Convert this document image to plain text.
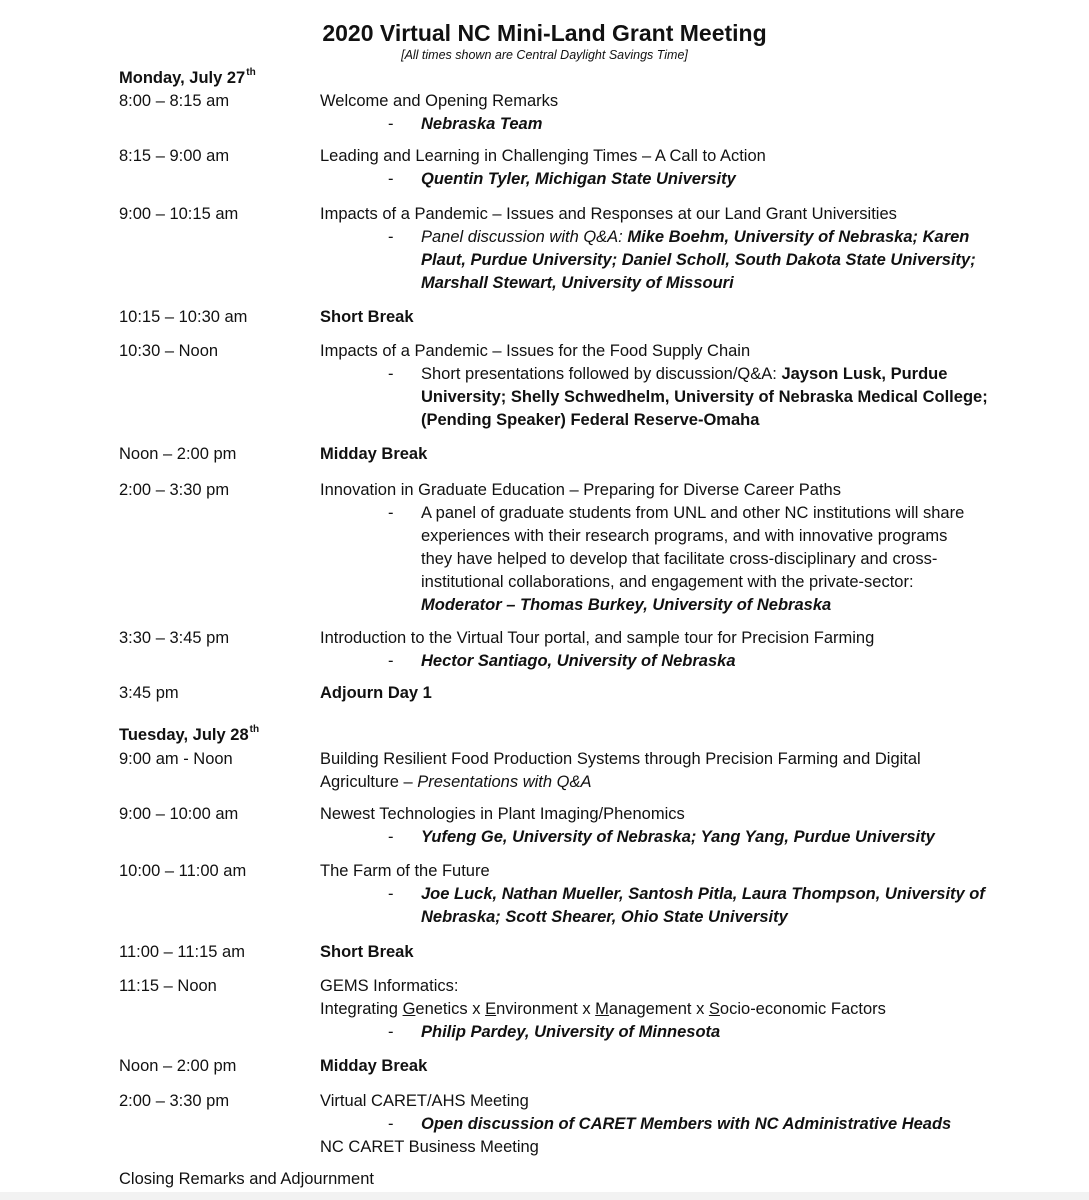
2020 Virtual NC Mini-Land Grant Meeting
[All times shown are Central Daylight Savings Time]
Monday, July 27th
8:00 – 8:15 am	Welcome and Opening Remarks
- Nebraska Team
8:15 – 9:00 am	Leading and Learning in Challenging Times – A Call to Action
- Quentin Tyler, Michigan State University
9:00 – 10:15 am	Impacts of a Pandemic – Issues and Responses at our Land Grant Universities
- Panel discussion with Q&A: Mike Boehm, University of Nebraska; Karen
Plaut, Purdue University; Daniel Scholl, South Dakota State University;
Marshall Stewart, University of Missouri
10:15 – 10:30 am	Short Break
10:30 – Noon	Impacts of a Pandemic – Issues for the Food Supply Chain
- Short presentations followed by discussion/Q&A: Jayson Lusk, Purdue
University; Shelly Schwedhelm, University of Nebraska Medical College;
(Pending Speaker) Federal Reserve-Omaha
Noon – 2:00 pm	Midday Break
2:00 – 3:30 pm	Innovation in Graduate Education – Preparing for Diverse Career Paths
- A panel of graduate students from UNL and other NC institutions will share
experiences with their research programs, and with innovative programs
they have helped to develop that facilitate cross-disciplinary and cross-
institutional collaborations, and engagement with the private-sector:
Moderator – Thomas Burkey, University of Nebraska
3:30 – 3:45 pm	Introduction to the Virtual Tour portal, and sample tour for Precision Farming
- Hector Santiago, University of Nebraska
3:45 pm	Adjourn Day 1
Tuesday, July 28th
9:00 am - Noon	Building Resilient Food Production Systems through Precision Farming and Digital
Agriculture – Presentations with Q&A
9:00 – 10:00 am	Newest Technologies in Plant Imaging/Phenomics
- Yufeng Ge, University of Nebraska; Yang Yang, Purdue University
10:00 – 11:00 am	The Farm of the Future
- Joe Luck, Nathan Mueller, Santosh Pitla, Laura Thompson, University of
Nebraska; Scott Shearer, Ohio State University
11:00 – 11:15 am	Short Break
11:15 – Noon	GEMS Informatics:
Integrating Genetics x Environment x Management x Socio-economic Factors
- Philip Pardey, University of Minnesota
Noon – 2:00 pm	Midday Break
2:00 – 3:30 pm	Virtual CARET/AHS Meeting
- Open discussion of CARET Members with NC Administrative Heads
NC CARET Business Meeting
Closing Remarks and Adjournment
